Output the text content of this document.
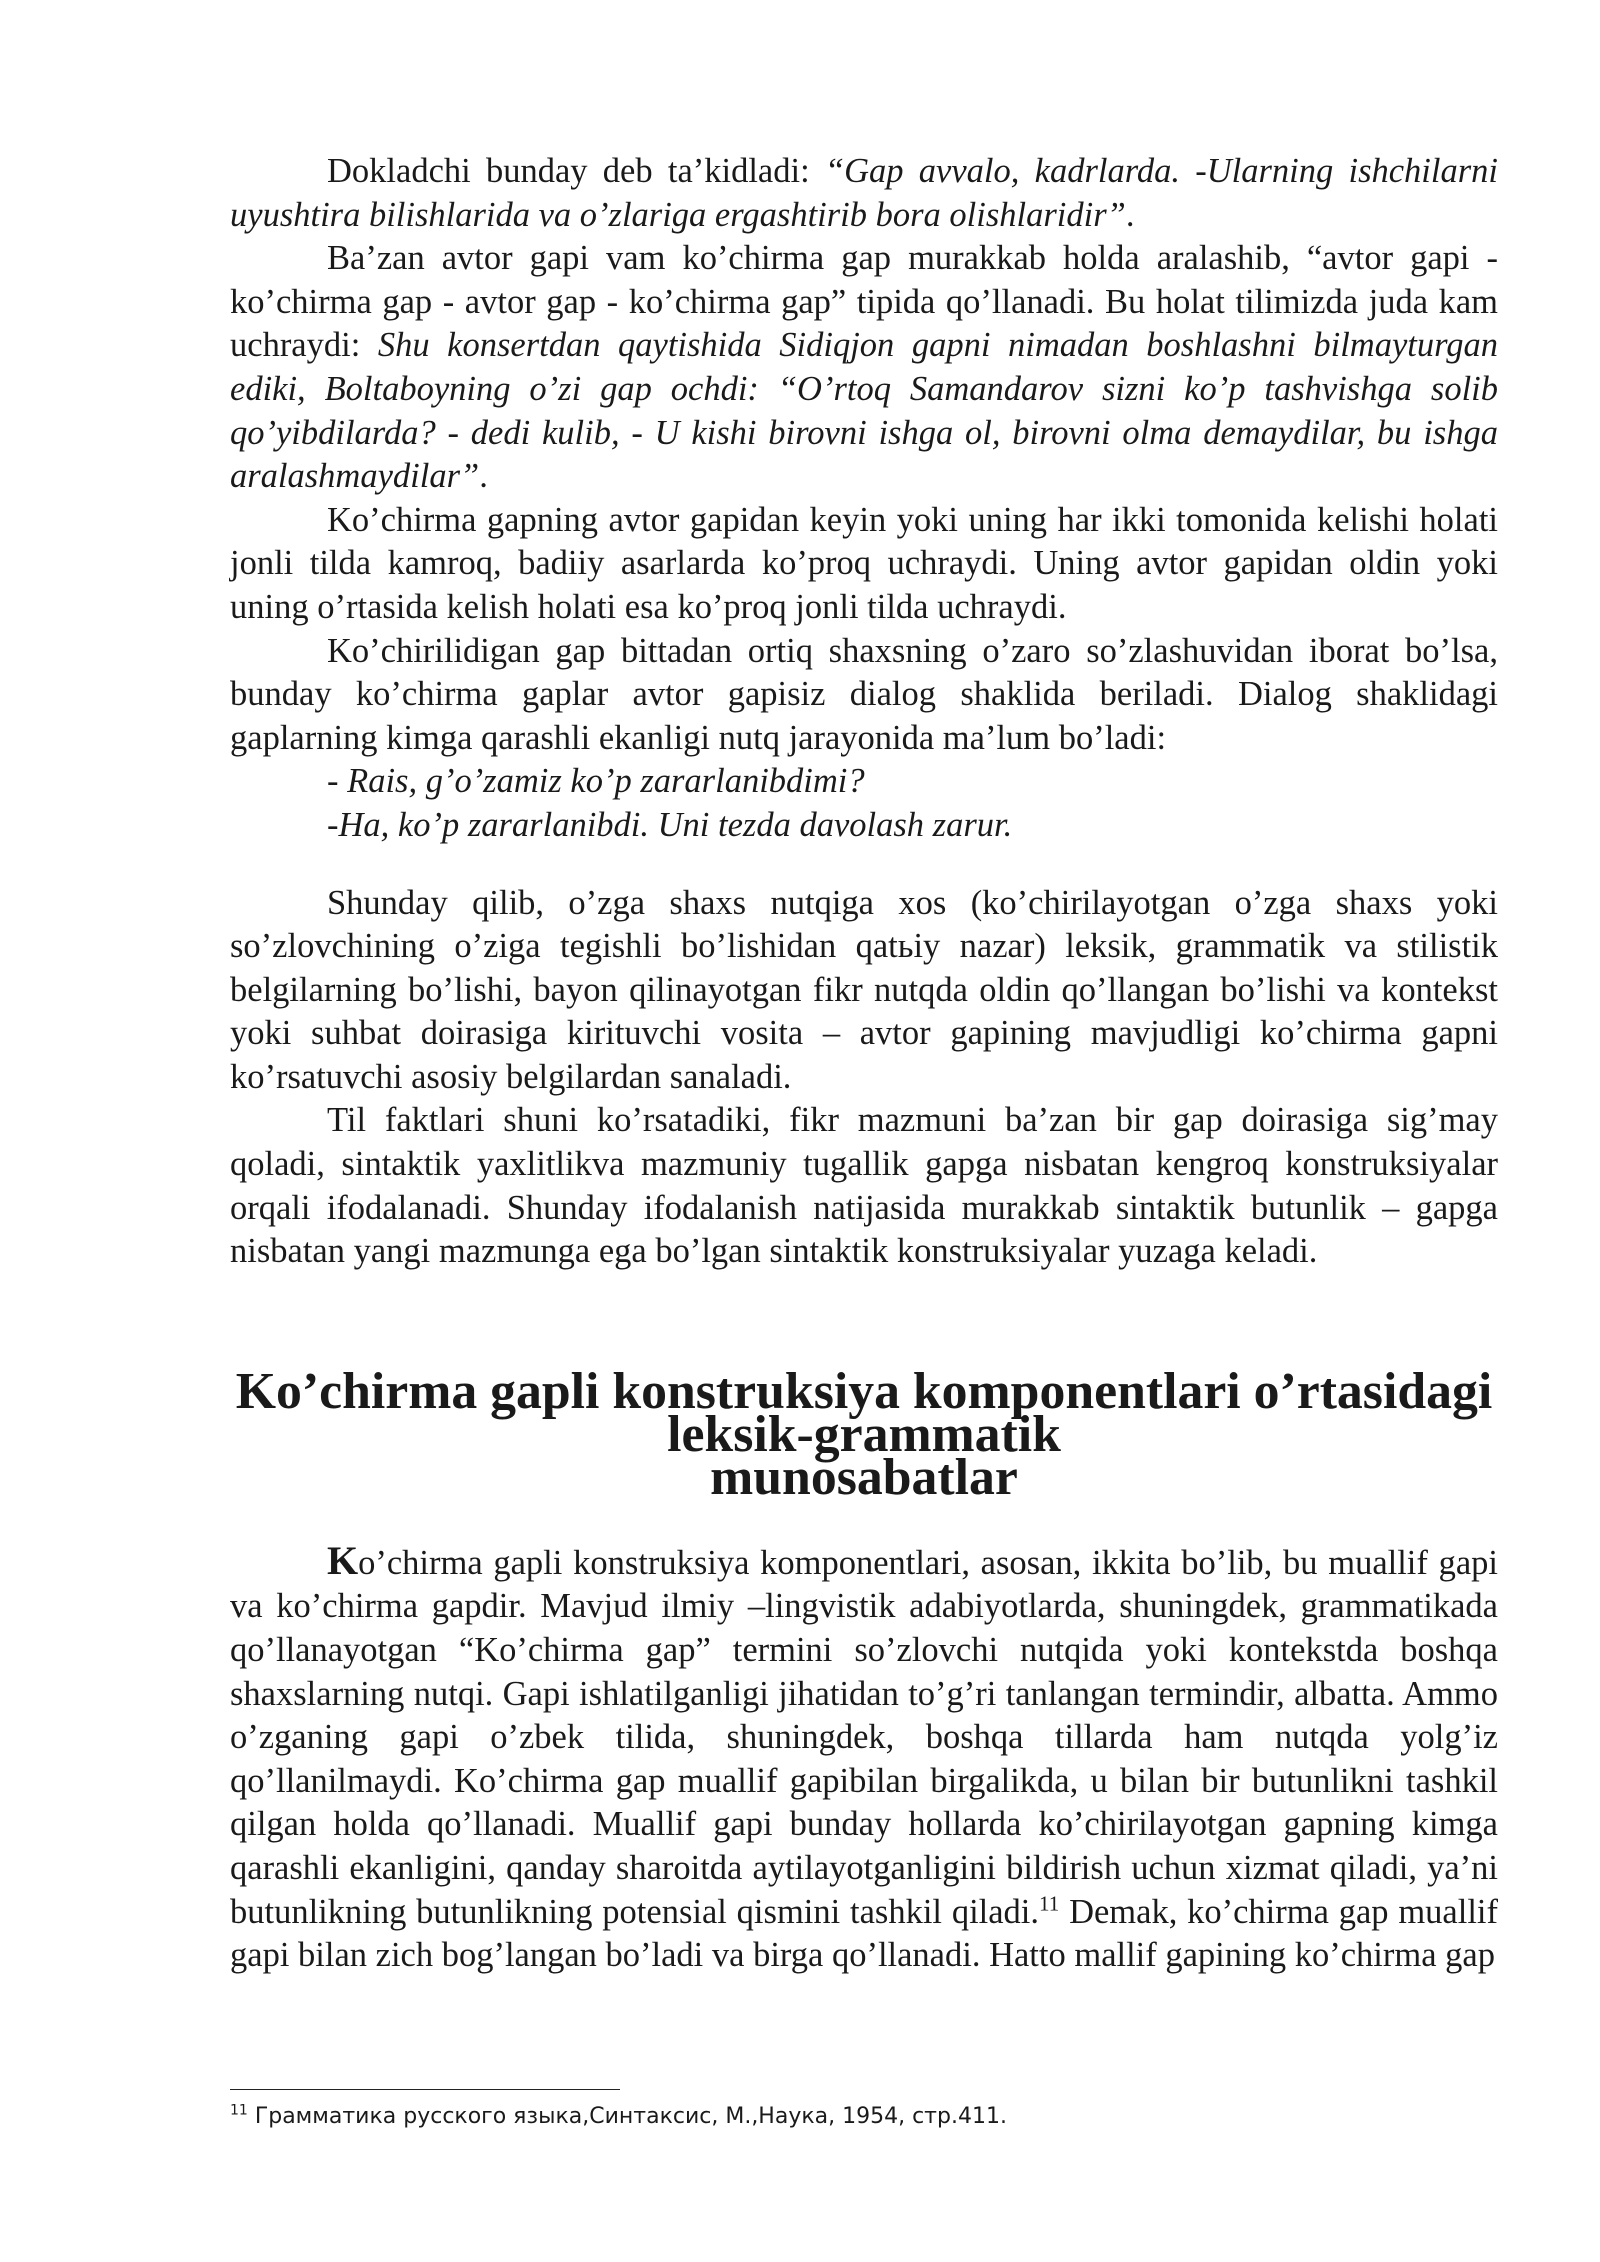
Dokladchi bunday deb ta’kidladi: “Gap avvalo, kadrlarda. -Ularning ishchilarni uyushtira bilishlarida va o’zlariga ergashtirib bora olishlaridir”.

Ba’zan avtor gapi vam ko’chirma gap murakkab holda aralashib, “avtor gapi - ko’chirma gap - avtor gap - ko’chirma gap” tipida qo’llanadi. Bu holat tilimizda juda kam uchraydi: Shu konsertdan qaytishida Sidiqjon gapni nimadan boshlashni bilmayturgan ediki, Boltaboyning o’zi gap ochdi: “O’rtoq Samandarov sizni ko’p tashvishga solib qo’yibdilarda? - dedi kulib, - U kishi birovni ishga ol, birovni olma demaydilar, bu ishga aralashmaydilar”.

Ko’chirma gapning avtor gapidan keyin yoki uning har ikki tomonida kelishi holati jonli tilda kamroq, badiiy asarlarda ko’proq uchraydi. Uning avtor gapidan oldin yoki uning o’rtasida kelish holati esa ko’proq jonli tilda uchraydi.

Ko’chirilidigan gap bittadan ortiq shaxsning o’zaro so’zlashuvidan iborat bo’lsa, bunday ko’chirma gaplar avtor gapisiz dialog shaklida beriladi. Dialog shaklidagi gaplarning kimga qarashli ekanligi nutq jarayonida ma’lum bo’ladi:

- Rais, g’o’zamiz ko’p zararlanibdimi?

-Ha, ko’p zararlanibdi. Uni tezda davolash zarur.

Shunday qilib, o’zga shaxs nutqiga xos (ko’chirilayotgan o’zga shaxs yoki so’zlovchining o’ziga tegishli bo’lishidan qatьiy nazar) leksik, grammatik va stilistik belgilarning bo’lishi, bayon qilinayotgan fikr nutqda oldin qo’llangan bo’lishi va kontekst yoki suhbat doirasiga kirituvchi vosita – avtor gapining mavjudligi ko’chirma gapni ko’rsatuvchi asosiy belgilardan sanaladi.

Til faktlari shuni ko’rsatadiki, fikr mazmuni ba’zan bir gap doirasiga sig’may qoladi, sintaktik yaxlitlikva mazmuniy tugallik gapga nisbatan kengroq konstruksiyalar orqali ifodalanadi. Shunday ifodalanish natijasida murakkab sintaktik butunlik – gapga nisbatan yangi mazmunga ega bo’lgan sintaktik konstruksiyalar yuzaga keladi.

Ko’chirma gapli konstruksiya komponentlari o’rtasidagi leksik-grammatik
munosabatlar

Ko’chirma gapli konstruksiya komponentlari, asosan, ikkita bo’lib, bu muallif gapi va ko’chirma gapdir. Mavjud ilmiy –lingvistik adabiyotlarda, shuningdek, grammatikada qo’llanayotgan “Ko’chirma gap” termini so’zlovchi nutqida yoki kontekstda boshqa shaxslarning nutqi. Gapi ishlatilganligi jihatidan to’g’ri tanlangan termindir, albatta. Ammo o’zganing gapi o’zbek tilida, shuningdek, boshqa tillarda ham nutqda yolg’iz qo’llanilmaydi. Ko’chirma gap muallif gapibilan birgalikda, u bilan bir butunlikni tashkil qilgan holda qo’llanadi. Muallif gapi bunday hollarda ko’chirilayotgan gapning kimga qarashli ekanligini, qanday sharoitda aytilayotganligini bildirish uchun xizmat qiladi, ya’ni butunlikning butunlikning potensial qismini tashkil qiladi.$^{11}$ Demak, ko’chirma gap muallif gapi bilan zich bog’langan bo’ladi va birga qo’llanadi. Hatto mallif gapining ko’chirma gap

$^{11}$ Грамматика русского языка,Синтаксис, М.,Наука, 1954, стр.411.
